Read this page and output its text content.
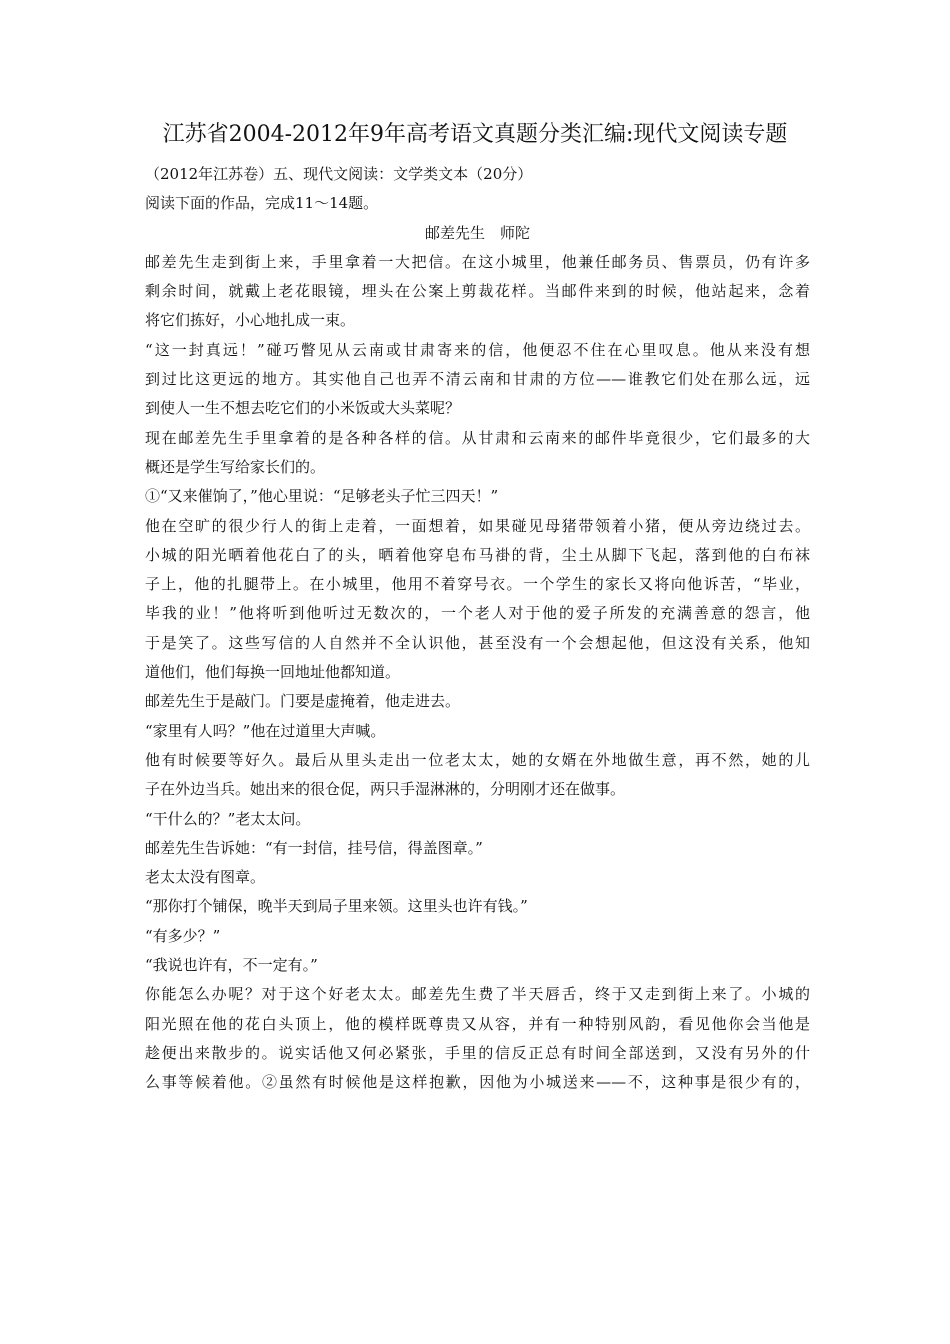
江苏省2004-2012年9年高考语文真题分类汇编:现代文阅读专题
（2012年江苏卷）五、现代文阅读：文学类文本（20分）
阅读下面的作品，完成11～14题。
邮差先生　师陀
邮差先生走到街上来，手里拿着一大把信。在这小城里，他兼任邮务员、售票员，仍有许多
剩余时间，就戴上老花眼镜，埋头在公案上剪裁花样。当邮件来到的时候，他站起来，念着
将它们拣好，小心地扎成一束。
“这一封真远！”碰巧瞥见从云南或甘肃寄来的信，他便忍不住在心里叹息。他从来没有想
到过比这更远的地方。其实他自己也弄不清云南和甘肃的方位——谁教它们处在那么远，远
到使人一生不想去吃它们的小米饭或大头菜呢？
现在邮差先生手里拿着的是各种各样的信。从甘肃和云南来的邮件毕竟很少，它们最多的大
概还是学生写给家长们的。
①“又来催饷了，”他心里说：“足够老头子忙三四天！”
他在空旷的很少行人的街上走着，一面想着，如果碰见母猪带领着小猪，便从旁边绕过去。
小城的阳光晒着他花白了的头，晒着他穿皂布马褂的背，尘土从脚下飞起，落到他的白布袜
子上，他的扎腿带上。在小城里，他用不着穿号衣。一个学生的家长又将向他诉苦，“毕业，
毕我的业！”他将听到他听过无数次的，一个老人对于他的爱子所发的充满善意的怨言，他
于是笑了。这些写信的人自然并不全认识他，甚至没有一个会想起他，但这没有关系，他知
道他们，他们每换一回地址他都知道。
邮差先生于是敲门。门要是虚掩着，他走进去。
“家里有人吗？”他在过道里大声喊。
他有时候要等好久。最后从里头走出一位老太太，她的女婿在外地做生意，再不然，她的儿
子在外边当兵。她出来的很仓促，两只手湿淋淋的，分明刚才还在做事。
“干什么的？”老太太问。
邮差先生告诉她：“有一封信，挂号信，得盖图章。”
老太太没有图章。
“那你打个铺保，晚半天到局子里来领。这里头也许有钱。”
“有多少？”
“我说也许有，不一定有。”
你能怎么办呢？对于这个好老太太。邮差先生费了半天唇舌，终于又走到街上来了。小城的
阳光照在他的花白头顶上，他的模样既尊贵又从容，并有一种特别风韵，看见他你会当他是
趁便出来散步的。说实话他又何必紧张，手里的信反正总有时间全部送到，又没有另外的什
么事等候着他。②虽然有时候他是这样抱歉，因他为小城送来——不，这种事是很少有的，
